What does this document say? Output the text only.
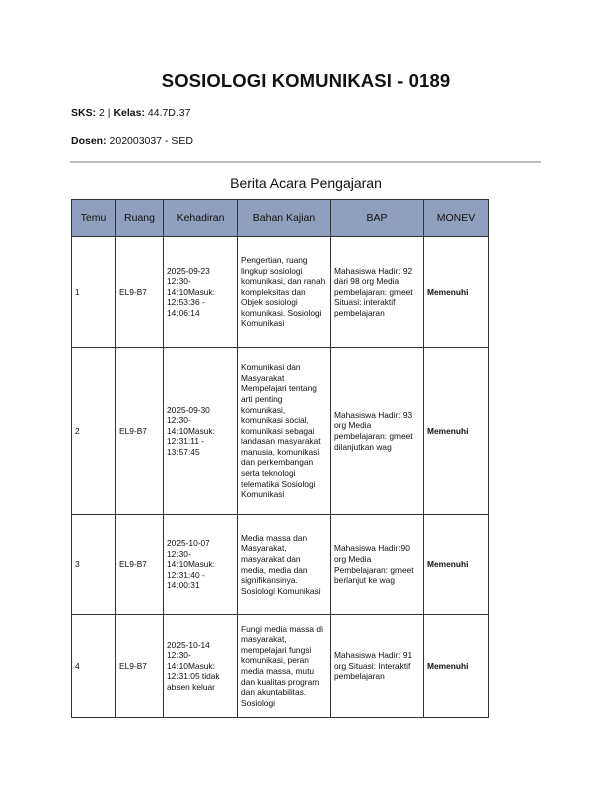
SOSIOLOGI KOMUNIKASI - 0189
SKS: 2 | Kelas: 44.7D.37
Dosen: 202003037 - SED
Berita Acara Pengajaran
Temu	Ruang	Kehadiran	Bahan Kajian	BAP	MONEV
1	EL9-B7	2025-09-23 12:30-14:10Masuk: 12:53:36 - 14:06:14	Pengertian, ruang lingkup sosiologi komunikasi, dan ranah kompleksitas dan Objek sosiologi komunikasi. Sosiologi Komunikasi	Mahasiswa Hadir: 92 dari 98 org Media pembelajaran: gmeet Situasi: interaktif pembelajaran	Memenuhi
2	EL9-B7	2025-09-30 12:30-14:10Masuk: 12:31:11 - 13:57:45	Komunikasi dan Masyarakat Mempelajari tentang arti penting komunikasi, komunikasi social, komunikasi sebagai landasan masyarakat manusia, komunikasi dan perkembangan serta teknologi telematika Sosiologi Komunikasi	Mahasiswa Hadir: 93 org Media pembelajaran: gmeet dilanjutkan wag	Memenuhi
3	EL9-B7	2025-10-07 12:30-14:10Masuk: 12:31:40 - 14:00:31	Media massa dan Masyarakat, masyarakat dan media, media dan signifikansinya. Sosiologi Komunikasi	Mahasiswa Hadir:90 org Media Pembelajaran: gmeet berlanjut ke wag	Memenuhi
4	EL9-B7	2025-10-14 12:30-14:10Masuk: 12:31:05 tidak absen keluar	Fungi media massa di masyarakat, mempelajari fungsi komunikasi, peran media massa, mutu dan kualitas program dan akuntabilitas. Sosiologi	Mahasiswa Hadir: 91 org Situasi: Interaktif pembelajaran	Memenuhi
